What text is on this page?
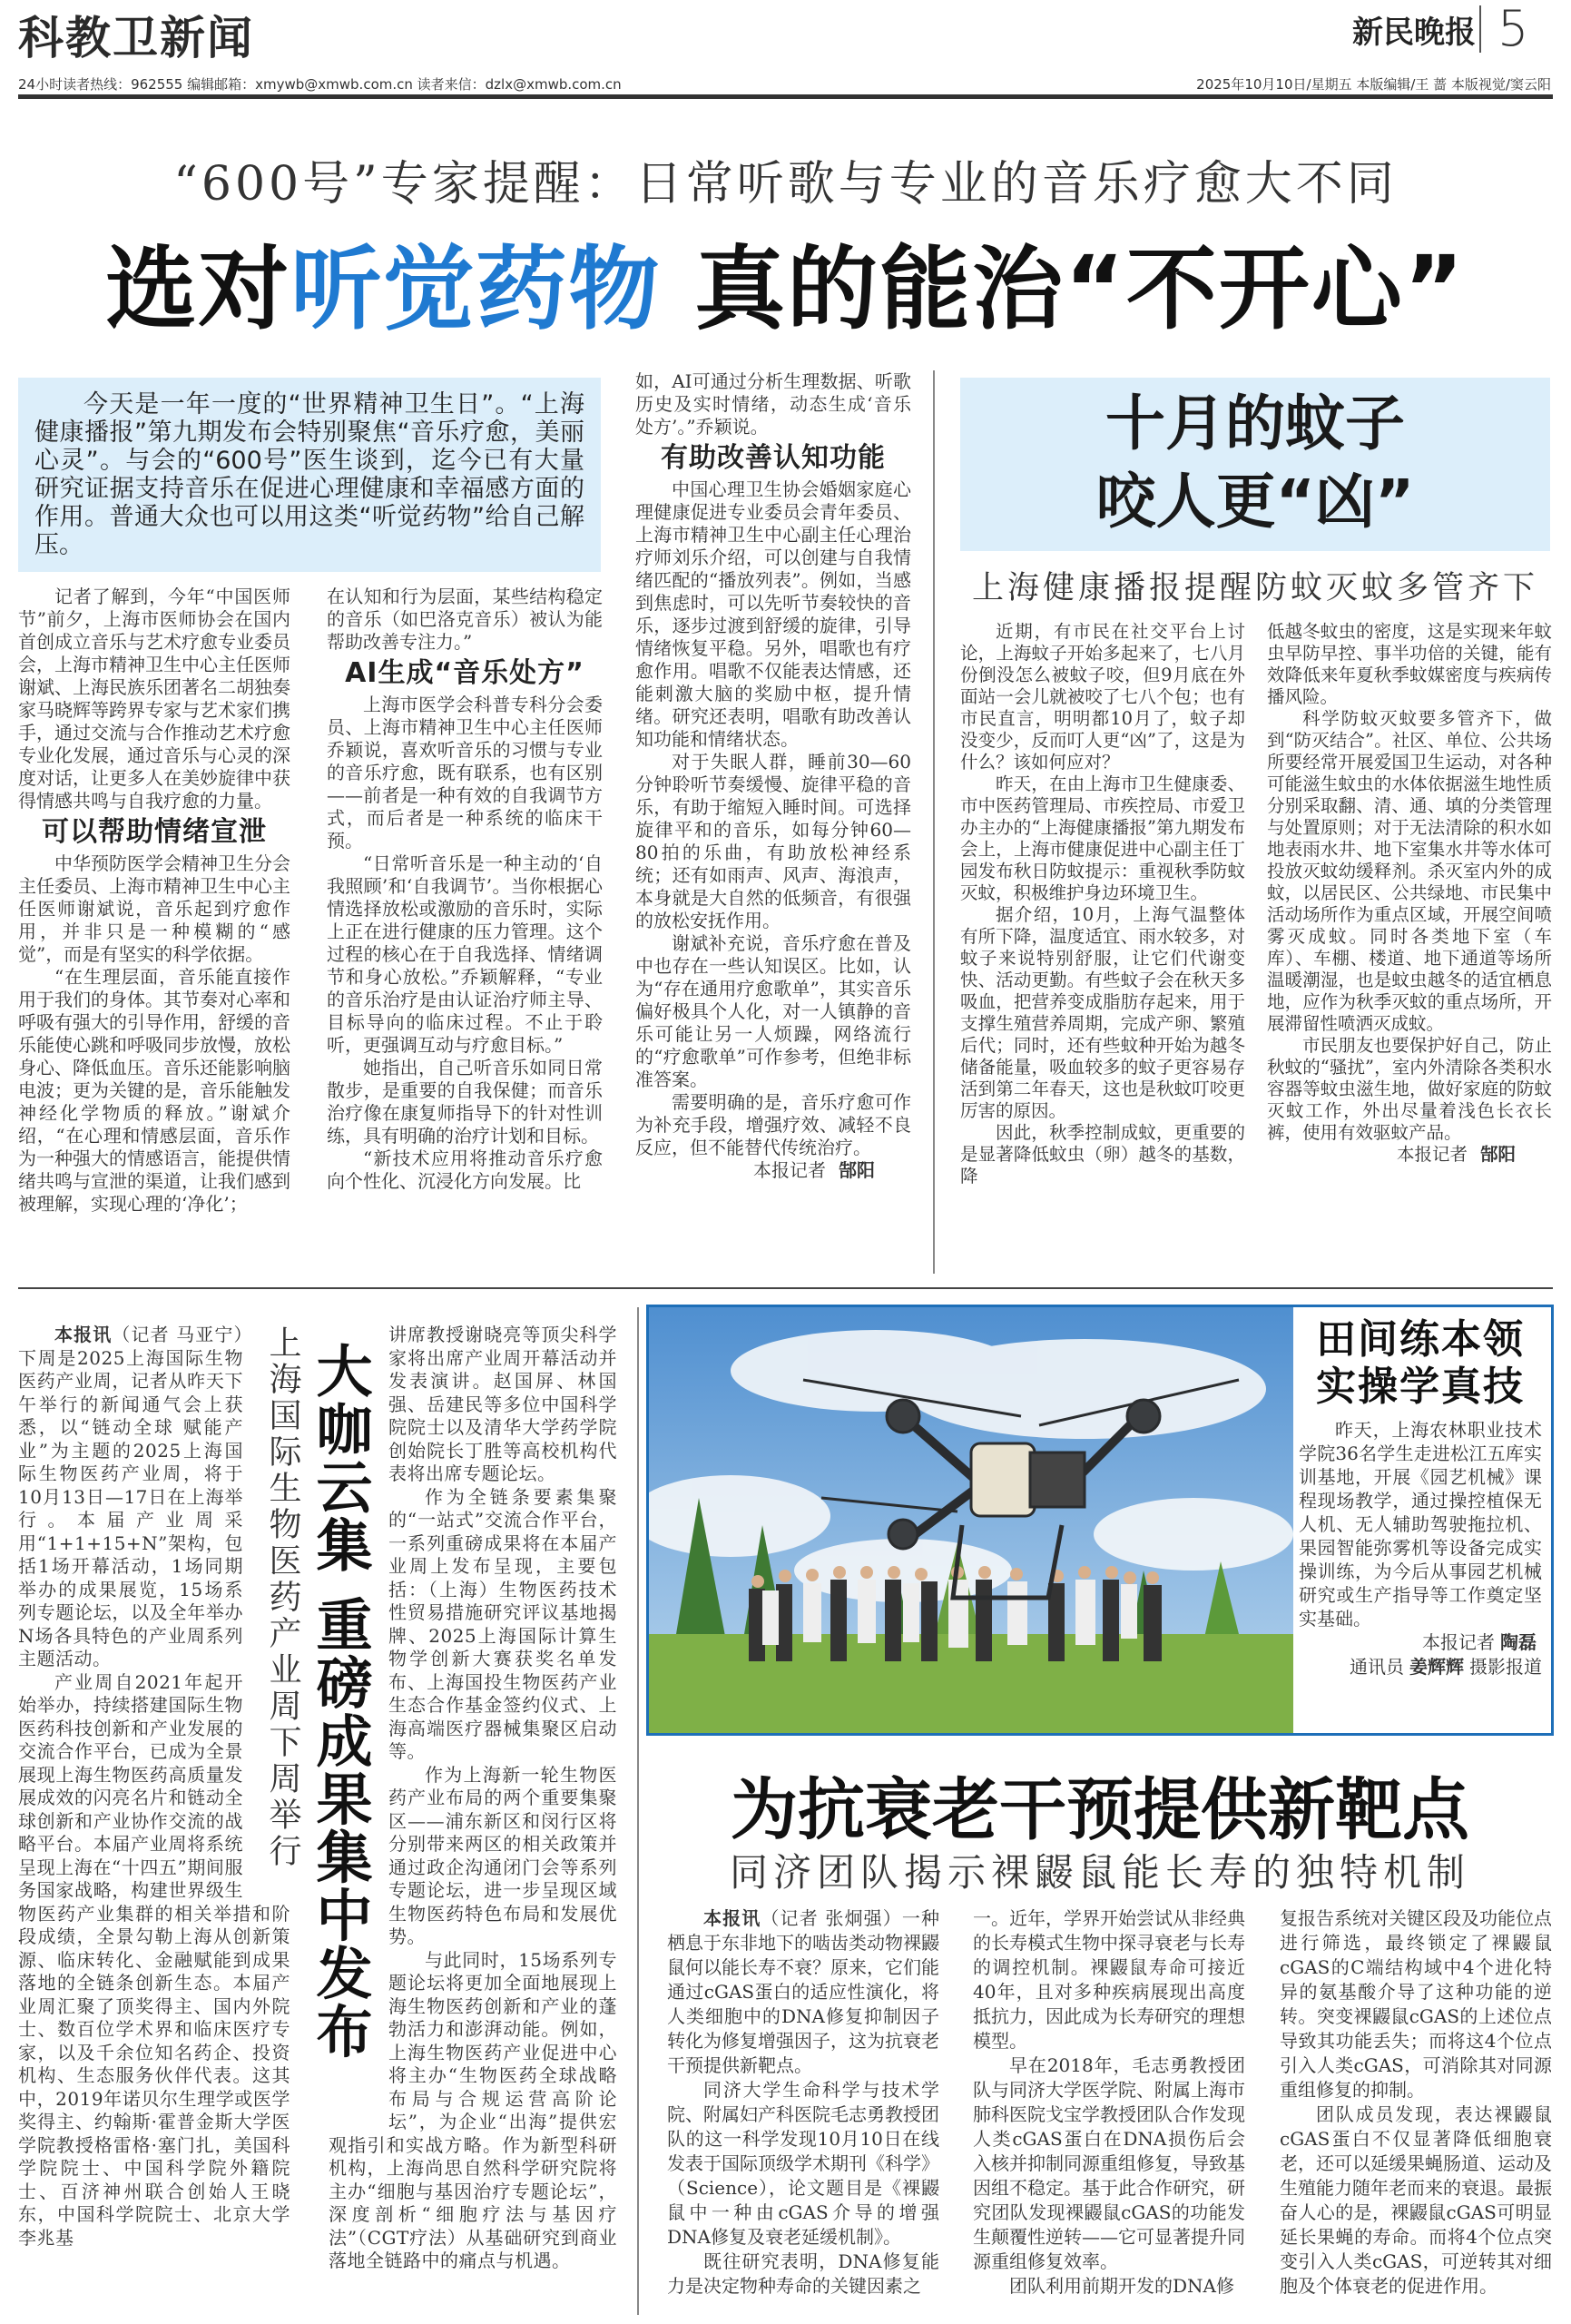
科教卫新闻	新民晚报 5
24小时读者热线：962555 编辑邮箱：xmywb@xmwb.com.cn 读者来信：dzlx@xmwb.com.cn	2025年10月10日/星期五 本版编辑/王 蔷 本版视觉/窦云阳
“600号”专家提醒：日常听歌与专业的音乐疗愈大不同
选对听觉药物 真的能治“不开心”
今天是一年一度的“世界精神卫生日”。“上海健康播报”第九期发布会特别聚焦“音乐疗愈，美丽心灵”。与会的“600号”医生谈到，迄今已有大量研究证据支持音乐在促进心理健康和幸福感方面的作用。普通大众也可以用这类“听觉药物”给自己解压。

记者了解到，今年“中国医师节”前夕，上海市医师协会在国内首创成立音乐与艺术疗愈专业委员会，上海市精神卫生中心主任医师谢斌、上海民族乐团著名二胡独奏家马晓辉等跨界专家与艺术家们携手，通过交流与合作推动艺术疗愈专业化发展，通过音乐与心灵的深度对话，让更多人在美妙旋律中获得情感共鸣与自我疗愈的力量。

可以帮助情绪宣泄

中华预防医学会精神卫生分会主任委员、上海市精神卫生中心主任医师谢斌说，音乐起到疗愈作用，并非只是一种模糊的“感觉”，而是有坚实的科学依据。

“在生理层面，音乐能直接作用于我们的身体。其节奏对心率和呼吸有强大的引导作用，舒缓的音乐能使心跳和呼吸同步放慢，放松身心、降低血压。音乐还能影响脑电波；更为关键的是，音乐能触发神经化学物质的释放。”谢斌介绍，“在心理和情感层面，音乐作为一种强大的情感语言，能提供情绪共鸣与宣泄的渠道，让我们感到被理解，实现心理的‘净化’；

在认知和行为层面，某些结构稳定的音乐（如巴洛克音乐）被认为能帮助改善专注力。”

AI生成“音乐处方”

上海市医学会科普专科分会委员、上海市精神卫生中心主任医师乔颖说，喜欢听音乐的习惯与专业的音乐疗愈，既有联系，也有区别——前者是一种有效的自我调节方式，而后者是一种系统的临床干预。

“日常听音乐是一种主动的‘自我照顾’和‘自我调节’。当你根据心情选择放松或激励的音乐时，实际上正在进行健康的压力管理。这个过程的核心在于自我选择、情绪调节和身心放松。”乔颖解释，“专业的音乐治疗是由认证治疗师主导、目标导向的临床过程。不止于聆听，更强调互动与疗愈目标。”

她指出，自己听音乐如同日常散步，是重要的自我保健；而音乐治疗像在康复师指导下的针对性训练，具有明确的治疗计划和目标。

“新技术应用将推动音乐疗愈向个性化、沉浸化方向发展。比

如，AI可通过分析生理数据、听歌历史及实时情绪，动态生成‘音乐处方’。”乔颖说。

有助改善认知功能

中国心理卫生协会婚姻家庭心理健康促进专业委员会青年委员、上海市精神卫生中心副主任心理治疗师刘乐介绍，可以创建与自我情绪匹配的“播放列表”。例如，当感到焦虑时，可以先听节奏较快的音乐，逐步过渡到舒缓的旋律，引导情绪恢复平稳。另外，唱歌也有疗愈作用。唱歌不仅能表达情感，还能刺激大脑的奖励中枢，提升情绪。研究还表明，唱歌有助改善认知功能和情绪状态。

对于失眠人群，睡前30—60分钟聆听节奏缓慢、旋律平稳的音乐，有助于缩短入睡时间。可选择旋律平和的音乐，如每分钟60—80拍的乐曲，有助放松神经系统；还有如雨声、风声、海浪声，本身就是大自然的低频音，有很强的放松安抚作用。

谢斌补充说，音乐疗愈在普及中也存在一些认知误区。比如，认为“存在通用疗愈歌单”，其实音乐偏好极具个人化，对一人镇静的音乐可能让另一人烦躁，网络流行的“疗愈歌单”可作参考，但绝非标准答案。

需要明确的是，音乐疗愈可作为补充手段，增强疗效、减轻不良反应，但不能替代传统治疗。

本报记者 郜阳
十月的蚊子
咬人更“凶”
上海健康播报提醒防蚊灭蚊多管齐下

近期，有市民在社交平台上讨论，上海蚊子开始多起来了，七八月份倒没怎么被蚊子咬，但9月底在外面站一会儿就被咬了七八个包；也有市民直言，明明都10月了，蚊子却没变少，反而叮人更“凶”了，这是为什么？该如何应对？

昨天，在由上海市卫生健康委、市中医药管理局、市疾控局、市爱卫办主办的“上海健康播报”第九期发布会上，上海市健康促进中心副主任丁园发布秋日防蚊提示：重视秋季防蚊灭蚊，积极维护身边环境卫生。

据介绍，10月，上海气温整体有所下降，温度适宜、雨水较多，对蚊子来说特别舒服，让它们代谢变快、活动更勤。有些蚊子会在秋天多吸血，把营养变成脂肪存起来，用于支撑生殖营养周期，完成产卵、繁殖后代；同时，还有些蚊种开始为越冬储备能量，吸血较多的蚊子更容易存活到第二年春天，这也是秋蚊叮咬更厉害的原因。

因此，秋季控制成蚊，更重要的是显著降低蚊虫（卵）越冬的基数，降

低越冬蚊虫的密度，这是实现来年蚊虫早防早控、事半功倍的关键，能有效降低来年夏秋季蚊媒密度与疾病传播风险。

科学防蚊灭蚊要多管齐下，做到“防灭结合”。社区、单位、公共场所要经常开展爱国卫生运动，对各种可能滋生蚊虫的水体依据滋生地性质分别采取翻、清、通、填的分类管理与处置原则；对于无法清除的积水如地表雨水井、地下室集水井等水体可投放灭蚊幼缓释剂。杀灭室内外的成蚊，以居民区、公共绿地、市民集中活动场所作为重点区域，开展空间喷雾灭成蚊。同时各类地下室（车库）、车棚、楼道、地下通道等场所温暖潮湿，也是蚊虫越冬的适宜栖息地，应作为秋季灭蚊的重点场所，开展滞留性喷洒灭成蚊。

市民朋友也要保护好自己，防止秋蚊的“骚扰”，室内外清除各类积水容器等蚊虫滋生地，做好家庭的防蚊灭蚊工作，外出尽量着浅色长衣长裤，使用有效驱蚊产品。

本报记者 郜阳

本报讯（记者 马亚宁）下周是2025上海国际生物医药产业周，记者从昨天下午举行的新闻通气会上获悉，以“链动全球 赋能产业”为主题的2025上海国际生物医药产业周，将于10月13日—17日在上海举行。本届产业周采用“1+1+15+N”架构，包括1场开幕活动，1场同期举办的成果展览，15场系列专题论坛，以及全年举办N场各具特色的产业周系列主题活动。

产业周自2021年起开始举办，持续搭建国际生物医药科技创新和产业发展的交流合作平台，已成为全景展现上海生物医药高质量发展成效的闪亮名片和链动全球创新和产业协作交流的战略平台。本届产业周将系统呈现上海在“十四五”期间服务国家战略，构建世界级生物医药产业集群的相关举措和阶段成绩，全景勾勒上海从创新策源、临床转化、金融赋能到成果落地的全链条创新生态。本届产业周汇聚了顶奖得主、国内外院士、数百位学术界和临床医疗专家，以及千余位知名药企、投资机构、生态服务伙伴代表。这其中，2019年诺贝尔生理学或医学奖得主、约翰斯·霍普金斯大学医学院教授格雷格·塞门扎，美国科学院院士、中国科学院外籍院士、百济神州联合创始人王晓东，中国科学院院士、北京大学李兆基

上海国际生物医药产业周下周举行 大咖云集 重磅成果集中发布

讲席教授谢晓亮等顶尖科学家将出席产业周开幕活动并发表演讲。赵国屏、林国强、岳建民等多位中国科学院院士以及清华大学药学院创始院长丁胜等高校机构代表将出席专题论坛。

作为全链条要素集聚的“一站式”交流合作平台，一系列重磅成果将在本届产业周上发布呈现，主要包括：（上海）生物医药技术性贸易措施研究评议基地揭牌、2025上海国际计算生物学创新大赛获奖名单发布、上海国投生物医药产业生态合作基金签约仪式、上海高端医疗器械集聚区启动等。

作为上海新一轮生物医药产业布局的两个重要集聚区——浦东新区和闵行区将分别带来两区的相关政策并通过政企沟通闭门会等系列专题论坛，进一步呈现区域生物医药特色布局和发展优势。

与此同时，15场系列专题论坛将更加全面地展现上海生物医药创新和产业的蓬勃活力和澎湃动能。例如，上海生物医药产业促进中心将主办“生物医药全球战略布局与合规运营高阶论坛”，为企业“出海”提供宏观指引和实战方略。作为新型科研机构，上海尚思自然科学研究院将主办“细胞与基因治疗专题论坛”，深度剖析“细胞疗法与基因疗法”（CGT疗法）从基础研究到商业落地全链路中的痛点与机遇。

田间练本领
实操学真技

昨天，上海农林职业技术学院36名学生走进松江五库实训基地，开展《园艺机械》课程现场教学，通过操控植保无人机、无人辅助驾驶拖拉机、果园智能弥雾机等设备完成实操训练，为今后从事园艺机械研究或生产指导等工作奠定坚实基础。

本报记者 陶磊
通讯员 姜辉辉 摄影报道
为抗衰老干预提供新靶点
同济团队揭示裸鼹鼠能长寿的独特机制

本报讯（记者 张炯强）一种栖息于东非地下的啮齿类动物裸鼹鼠何以能长寿不衰？原来，它们能通过cGAS蛋白的适应性演化，将人类细胞中的DNA修复抑制因子转化为修复增强因子，这为抗衰老干预提供新靶点。

同济大学生命科学与技术学院、附属妇产科医院毛志勇教授团队的这一科学发现10月10日在线发表于国际顶级学术期刊《科学》（Science），论文题目是《裸鼹鼠中一种由cGAS介导的增强DNA修复及衰老延缓机制》。

既往研究表明，DNA修复能力是决定物种寿命的关键因素之

一。近年，学界开始尝试从非经典的长寿模式生物中探寻衰老与长寿的调控机制。裸鼹鼠寿命可接近40年，且对多种疾病展现出高度抵抗力，因此成为长寿研究的理想模型。

早在2018年，毛志勇教授团队与同济大学医学院、附属上海市肺科医院戈宝学教授团队合作发现人类cGAS蛋白在DNA损伤后会入核并抑制同源重组修复，导致基因组不稳定。基于此合作研究，研究团队发现裸鼹鼠cGAS的功能发生颠覆性逆转——它可显著提升同源重组修复效率。

团队利用前期开发的DNA修

复报告系统对关键区段及功能位点进行筛选，最终锁定了裸鼹鼠cGAS的C端结构域中4个进化特异的氨基酸介导了这种功能的逆转。突变裸鼹鼠cGAS的上述位点导致其功能丢失；而将这4个位点引入人类cGAS，可消除其对同源重组修复的抑制。

团队成员发现，表达裸鼹鼠cGAS蛋白不仅显著降低细胞衰老，还可以延缓果蝇肠道、运动及生殖能力随年老而来的衰退。最振奋人心的是，裸鼹鼠cGAS可明显延长果蝇的寿命。而将4个位点突变引入人类cGAS，可逆转其对细胞及个体衰老的促进作用。
